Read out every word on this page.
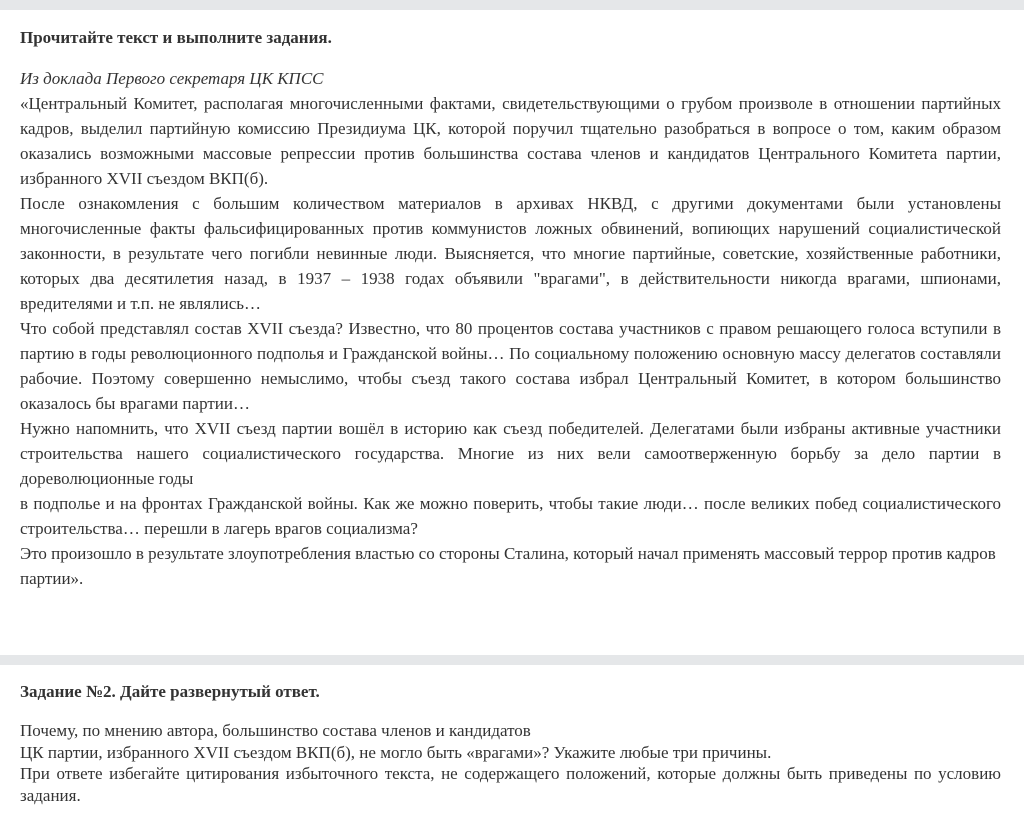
Прочитайте текст и выполните задания.

Из доклада Первого секретаря ЦК КПСС

«Центральный Комитет, располагая многочисленными фактами, свидетельствующими о грубом произволе в отношении партийных кадров, выделил партийную комиссию Президиума ЦК, которой поручил тщательно разобраться в вопросе о том, каким образом оказались возможными массовые репрессии против большинства состава членов и кандидатов Центрального Комитета партии, избранного XVII съездом ВКП(б).

После ознакомления с большим количеством материалов в архивах НКВД, с другими документами были установлены многочисленные факты фальсифицированных против коммунистов ложных обвинений, вопиющих нарушений социалистической законности, в результате чего погибли невинные люди. Выясняется, что многие партийные, советские, хозяйственные работники, которых два десятилетия назад, в 1937 – 1938 годах объявили "врагами", в действительности никогда врагами, шпионами, вредителями и т.п. не являлись…

Что собой представлял состав XVII съезда? Известно, что 80 процентов состава участников с правом решающего голоса вступили в партию в годы революционного подполья и Гражданской войны… По социальному положению основную массу делегатов составляли рабочие. Поэтому совершенно немыслимо, чтобы съезд такого состава избрал Центральный Комитет, в котором большинство оказалось бы врагами партии…

Нужно напомнить, что XVII съезд партии вошёл в историю как съезд победителей. Делегатами были избраны активные участники строительства нашего социалистического государства. Многие из них вели самоотверженную борьбу за дело партии в дореволюционные годы

в подполье и на фронтах Гражданской войны. Как же можно поверить, чтобы такие люди… после великих побед социалистического строительства… перешли в лагерь врагов социализма?

Это произошло в результате злоупотребления властью со стороны Сталина, который начал применять массовый террор против кадров партии».

Задание №2. Дайте развернутый ответ.

Почему, по мнению автора, большинство состава членов и кандидатов

ЦК партии, избранного XVII съездом ВКП(б), не могло быть «врагами»? Укажите любые три причины.

При ответе избегайте цитирования избыточного текста, не содержащего положений, которые должны быть приведены по условию задания.
